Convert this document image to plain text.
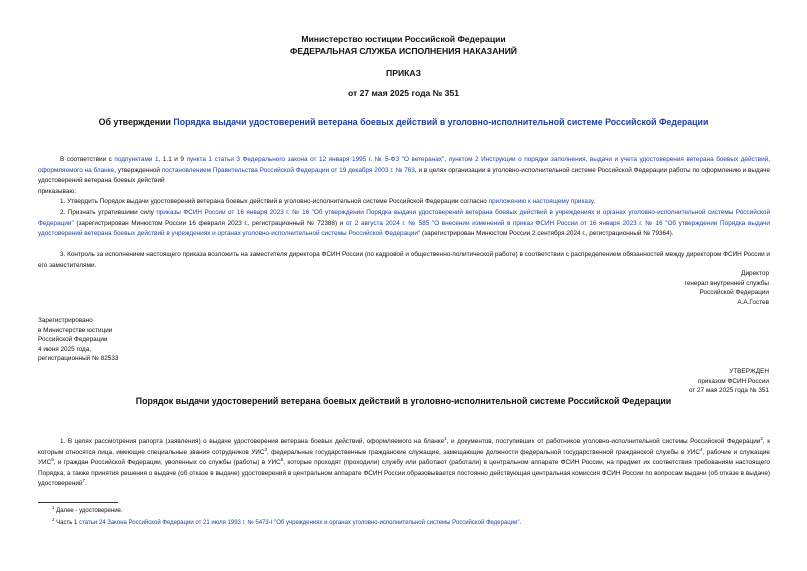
Министерство юстиции Российской Федерации
ФЕДЕРАЛЬНАЯ СЛУЖБА ИСПОЛНЕНИЯ НАКАЗАНИЙ
ПРИКАЗ
от 27 мая 2025 года № 351
Об утверждении Порядка выдачи удостоверений ветерана боевых действий в уголовно-исполнительной системе Российской Федерации
В соответствии с подпунктами 1, 1.1 и 9 пункта 1 статьи 3 Федерального закона от 12 января 1995 г. № 5-ФЗ "О ветеранах", пунктом 2 Инструкции о порядке заполнения, выдачи и учета удостоверения ветерана боевых действий, оформляемого на бланке, утвержденной постановлением Правительства Российской Федерации от 19 декабря 2003 г. № 763, и в целях организации в уголовно-исполнительной системе Российской Федерации работы по оформлению и выдаче удостоверений ветерана боевых действий
приказываю:
1. Утвердить Порядок выдачи удостоверений ветерана боевых действий в уголовно-исполнительной системе Российской Федерации согласно приложению к настоящему приказу.
2. Признать утратившими силу приказы ФСИН России от 16 января 2023 г. № 16 "Об утверждении Порядка выдачи удостоверений ветерана боевых действий в учреждениях и органах уголовно-исполнительной системы Российской Федерации" (зарегистрирован Минюстом России 16 февраля 2023 г., регистрационный № 72388) и от 2 августа 2024 г. № 585 "О внесении изменений в приказ ФСИН России от 16 января 2023 г. № 16 "Об утверждении Порядка выдачи удостоверений ветерана боевых действий в учреждениях и органах уголовно-исполнительной системы Российской Федерации" (зарегистрирован Минюстом России 2 сентября 2024 г., регистрационный № 79364).
3. Контроль за исполнением настоящего приказа возложить на заместителя директора ФСИН России (по кадровой и общественно-политической работе) в соответствии с распределением обязанностей между директором ФСИН России и его заместителями.
Директор
генерал внутренней службы
Российской Федерации
А.А.Гостев
Зарегистрировано
в Министерстве юстиции
Российской Федерации
4 июня 2025 года,
регистрационный № 82533
УТВЕРЖДЕН
приказом ФСИН России
от 27 мая 2025 года № 351
Порядок выдачи удостоверений ветерана боевых действий в уголовно-исполнительной системе Российской Федерации
1. В целях рассмотрения рапорта (заявления) о выдаче удостоверения ветерана боевых действий, оформляемого на бланке$^1$, и документов, поступивших от работников уголовно-исполнительной системы Российской Федерации$^2$, к которым относятся лица, имеющие специальные звания сотрудников УИС$^3$, федеральные государственные гражданские служащие, замещающие должности федеральной государственной гражданской службы в УИС$^4$, рабочие и служащие УИС$^5$, и граждан Российской Федерации, уволенных со службы (работы) в УИС$^6$, которые проходят (проходили) службу или работают (работали) в центральном аппарате ФСИН России, на предмет их соответствия требованиям настоящего Порядка, а также принятия решения о выдаче (об отказе в выдаче) удостоверений в центральном аппарате ФСИН России образовывается постоянно действующая центральная комиссия ФСИН России по вопросам выдачи (об отказе в выдаче) удостоверений$^7$.
$^1$ Далее - удостоверение.
$^2$ Часть 1 статьи 24 Закона Российской Федерации от 21 июля 1993 г. № 5473-I "Об учреждениях и органах уголовно-исполнительной системы Российской Федерации".
